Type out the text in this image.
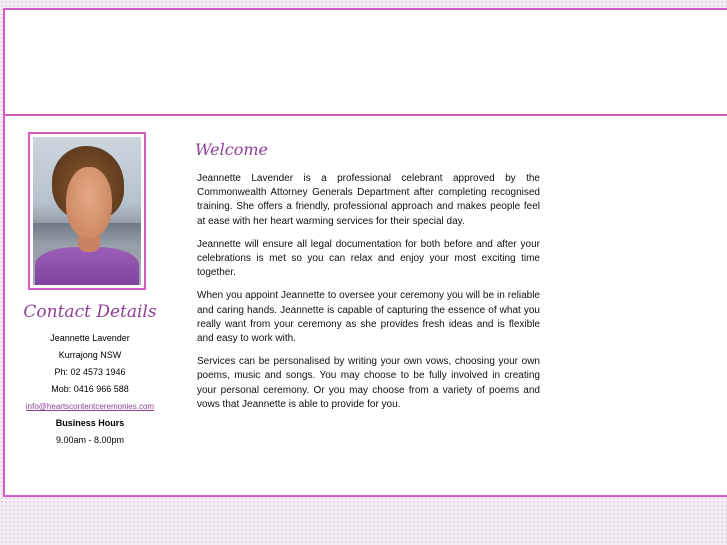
Contact Details
Jeannette Lavender
Kurrajong NSW
Ph: 02 4573 1946
Mob: 0416 966 588
info@heartscontentceremonies.com
Business Hours
9.00am - 8.00pm
Welcome

Jeannette Lavender is a professional celebrant approved by the Commonwealth Attorney Generals Department after completing recognised training. She offers a friendly, professional approach and makes people feel at ease with her heart warming services for their special day.

Jeannette will ensure all legal documentation for both before and after your celebrations is met so you can relax and enjoy your most exciting time together.

When you appoint Jeannette to oversee your ceremony you will be in reliable and caring hands. Jeannette is capable of capturing the essence of what you really want from your ceremony as she provides fresh ideas and is flexible and easy to work with.

Services can be personalised by writing your own vows, choosing your own poems, music and songs. You may choose to be fully involved in creating your personal ceremony. Or you may choose from a variety of poems and vows that Jeannette is able to provide for you.
